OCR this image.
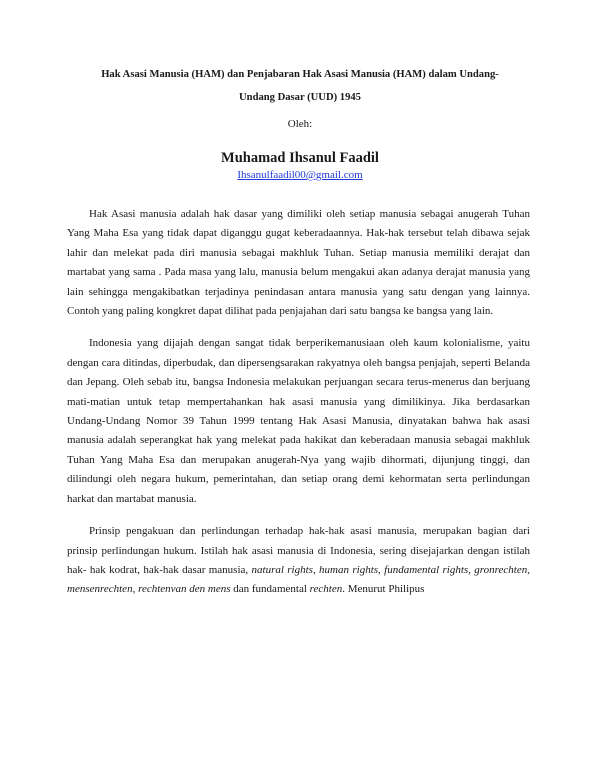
Hak Asasi Manusia (HAM) dan Penjabaran Hak Asasi Manusia (HAM) dalam Undang-
Undang Dasar (UUD) 1945
Oleh:
Muhamad Ihsanul Faadil
Ihsanulfaadil00@gmail.com

Hak Asasi manusia adalah hak dasar yang dimiliki oleh setiap manusia sebagai anugerah Tuhan Yang Maha Esa yang tidak dapat diganggu gugat keberadaannya. Hak-hak tersebut telah dibawa sejak lahir dan melekat pada diri manusia sebagai makhluk Tuhan. Setiap manusia memiliki derajat dan martabat yang sama . Pada masa yang lalu, manusia belum mengakui akan adanya derajat manusia yang lain sehingga mengakibatkan terjadinya penindasan antara manusia yang satu dengan yang lainnya. Contoh yang paling kongkret dapat dilihat pada penjajahan dari satu bangsa ke bangsa yang lain.

Indonesia yang dijajah dengan sangat tidak berperikemanusiaan oleh kaum kolonialisme, yaitu dengan cara ditindas, diperbudak, dan dipersengsarakan rakyatnya oleh bangsa penjajah, seperti Belanda dan Jepang. Oleh sebab itu, bangsa Indonesia melakukan perjuangan secara terus-menerus dan berjuang mati-matian untuk tetap mempertahankan hak asasi manusia yang dimilikinya. Jika berdasarkan Undang-Undang Nomor 39 Tahun 1999 tentang Hak Asasi Manusia, dinyatakan bahwa hak asasi manusia adalah seperangkat hak yang melekat pada hakikat dan keberadaan manusia sebagai makhluk Tuhan Yang Maha Esa dan merupakan anugerah-Nya yang wajib dihormati, dijunjung tinggi, dan dilindungi oleh negara hukum, pemerintahan, dan setiap orang demi kehormatan serta perlindungan harkat dan martabat manusia.

Prinsip pengakuan dan perlindungan terhadap hak-hak asasi manusia, merupakan bagian dari prinsip perlindungan hukum. Istilah hak asasi manusia di Indonesia, sering disejajarkan dengan istilah hak- hak kodrat, hak-hak dasar manusia, natural rights, human rights, fundamental rights, gronrechten, mensenrechten, rechtenvan den mens dan fundamental rechten. Menurut Philipus
